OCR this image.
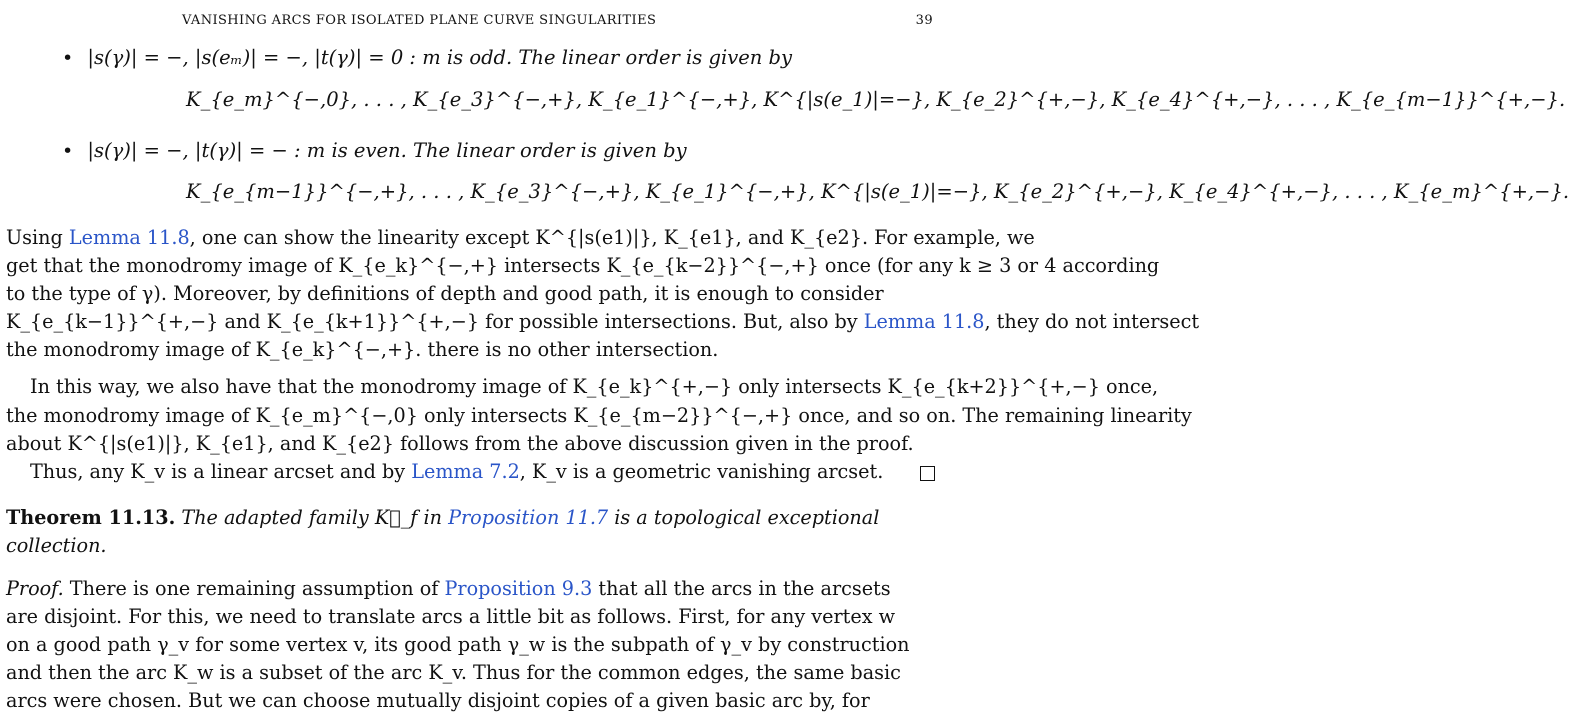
VANISHING ARCS FOR ISOLATED PLANE CURVE SINGULARITIES	39
• |s(γ)| = −, |s(eₘ)| = −, |t(γ)| = 0 : m is odd. The linear order is given by
K_{e_m}^{−,0}, . . . , K_{e_3}^{−,+}, K_{e_1}^{−,+}, K^{|s(e_1)|=−}, K_{e_2}^{+,−}, K_{e_4}^{+,−}, . . . , K_{e_{m−1}}^{+,−}.
• |s(γ)| = −, |t(γ)| = − : m is even. The linear order is given by
K_{e_{m−1}}^{−,+}, . . . , K_{e_3}^{−,+}, K_{e_1}^{−,+}, K^{|s(e_1)|=−}, K_{e_2}^{+,−}, K_{e_4}^{+,−}, . . . , K_{e_m}^{+,−}.
Using Lemma 11.8, one can show the linearity except K^{|s(e1)|}, K_{e1}, and K_{e2}. For example, we
get that the monodromy image of K_{e_k}^{−,+} intersects K_{e_{k−2}}^{−,+} once (for any k ≥ 3 or 4 according
to the type of γ). Moreover, by definitions of depth and good path, it is enough to consider
K_{e_{k−1}}^{+,−} and K_{e_{k+1}}^{+,−} for possible intersections. But, also by Lemma 11.8, they do not intersect
the monodromy image of K_{e_k}^{−,+}. there is no other intersection.
In this way, we also have that the monodromy image of K_{e_k}^{+,−} only intersects K_{e_{k+2}}^{+,−} once,
the monodromy image of K_{e_m}^{−,0} only intersects K_{e_{m−2}}^{−,+} once, and so on. The remaining linearity
about K^{|s(e1)|}, K_{e1}, and K_{e2} follows from the above discussion given in the proof.
Thus, any K_v is a linear arcset and by Lemma 7.2, K_v is a geometric vanishing arcset.
Theorem 11.13. The adapted family K⃗_f in Proposition 11.7 is a topological exceptional
collection.
Proof. There is one remaining assumption of Proposition 9.3 that all the arcs in the arcsets
are disjoint. For this, we need to translate arcs a little bit as follows. First, for any vertex w
on a good path γ_v for some vertex v, its good path γ_w is the subpath of γ_v by construction
and then the arc K_w is a subset of the arc K_v. Thus for the common edges, the same basic
arcs were chosen. But we can choose mutually disjoint copies of a given basic arc by, for
